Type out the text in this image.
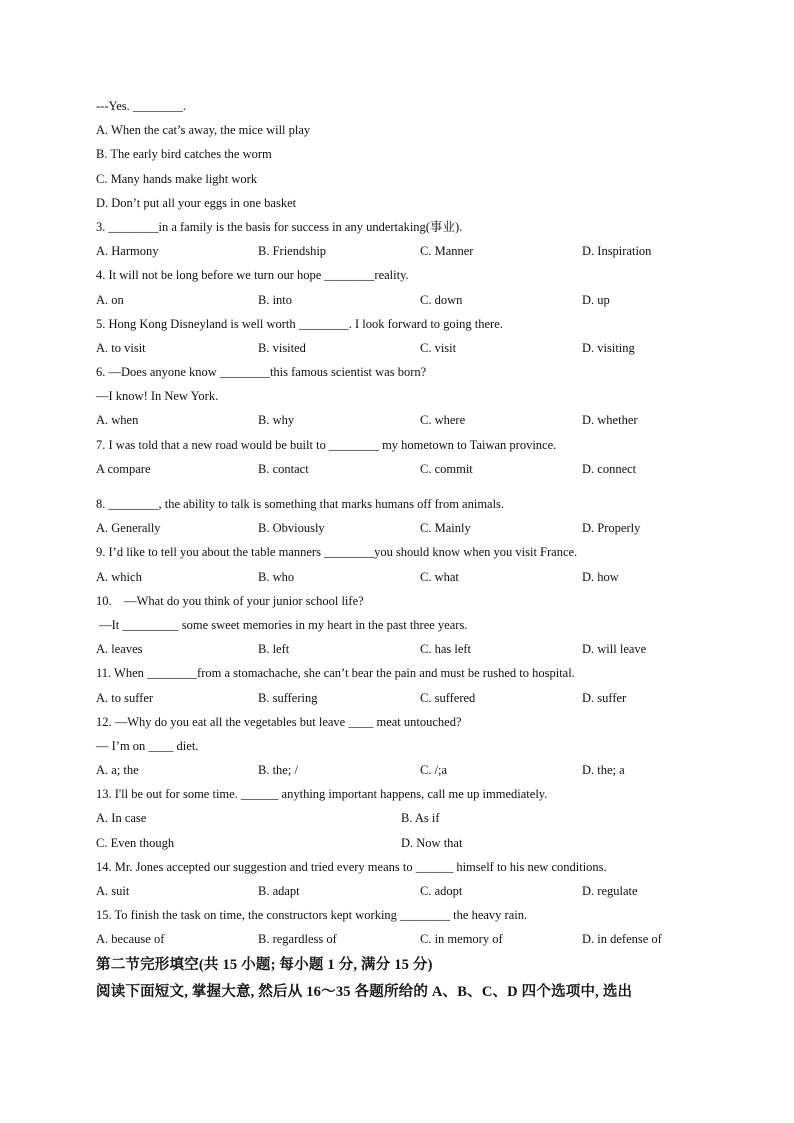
---Yes. ________.
A. When the cat’s away, the mice will play
B. The early bird catches the worm
C. Many hands make light work
D. Don’t put all your eggs in one basket
3. ________in a family is the basis for success in any undertaking(事业).
A. Harmony	B. Friendship	C. Manner	D. Inspiration
4. It will not be long before we turn our hope ________reality.
A. on	B. into	C. down	D. up
5. Hong Kong Disneyland is well worth ________. I look forward to going there.
A. to visit	B. visited	C. visit	D. visiting
6. —Does anyone know ________this famous scientist was born?
—I know! In New York.
A. when	B. why	C. where	D. whether
7. I was told that a new road would be built to ________ my hometown to Taiwan province.
A compare	B. contact	C. commit	D. connect
8. ________, the ability to talk is something that marks humans off from animals.
A. Generally	B. Obviously	C. Mainly	D. Properly
9. I’d like to tell you about the table manners ________you should know when you visit France.
A. which	B. who	C. what	D. how
10.    —What do you think of your junior school life?
—It _________ some sweet memories in my heart in the past three years.
A. leaves	B. left	C. has left	D. will leave
11. When ________from a stomachache, she can’t bear the pain and must be rushed to hospital.
A. to suffer	B. suffering	C. suffered	D. suffer
12. —Why do you eat all the vegetables but leave ____ meat untouched?
— I’m on ____ diet.
A. a; the	B. the; /	C. /;a	D. the; a
13. I'll be out for some time. ______ anything important happens, call me up immediately.
A. In case	B. As if
C. Even though	D. Now that
14. Mr. Jones accepted our suggestion and tried every means to ______ himself to his new conditions.
A. suit	B. adapt	C. adopt	D. regulate
15. To finish the task on time, the constructors kept working ________ the heavy rain.
A. because of	B. regardless of	C. in memory of	D. in defense of
第二节完形填空(共 15 小题; 每小题 1 分, 满分 15 分)
阅读下面短文, 掌握大意, 然后从 16～35 各题所给的 A、B、C、D 四个选项中, 选出
